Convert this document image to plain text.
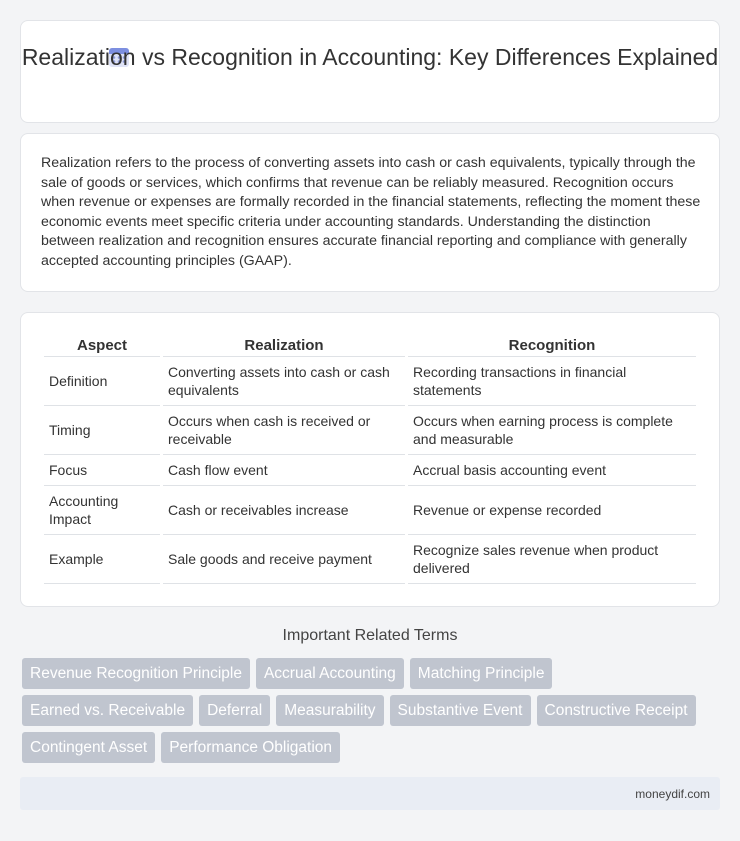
Realization vs Recognition in Accounting: Key Differences Explained

Realization refers to the process of converting assets into cash or cash equivalents, typically through the sale of goods or services, which confirms that revenue can be reliably measured. Recognition occurs when revenue or expenses are formally recorded in the financial statements, reflecting the moment these economic events meet specific criteria under accounting standards. Understanding the distinction between realization and recognition ensures accurate financial reporting and compliance with generally accepted accounting principles (GAAP).

Aspect	Realization	Recognition
Definition	Converting assets into cash or cash equivalents	Recording transactions in financial statements
Timing	Occurs when cash is received or receivable	Occurs when earning process is complete and measurable
Focus	Cash flow event	Accrual basis accounting event
Accounting Impact	Cash or receivables increase	Revenue or expense recorded
Example	Sale goods and receive payment	Recognize sales revenue when product delivered
Important Related Terms
Revenue Recognition Principle	Accrual Accounting	Matching Principle
Earned vs. Receivable	Deferral	Measurability	Substantive Event	Constructive Receipt
Contingent Asset	Performance Obligation
moneydif.com
